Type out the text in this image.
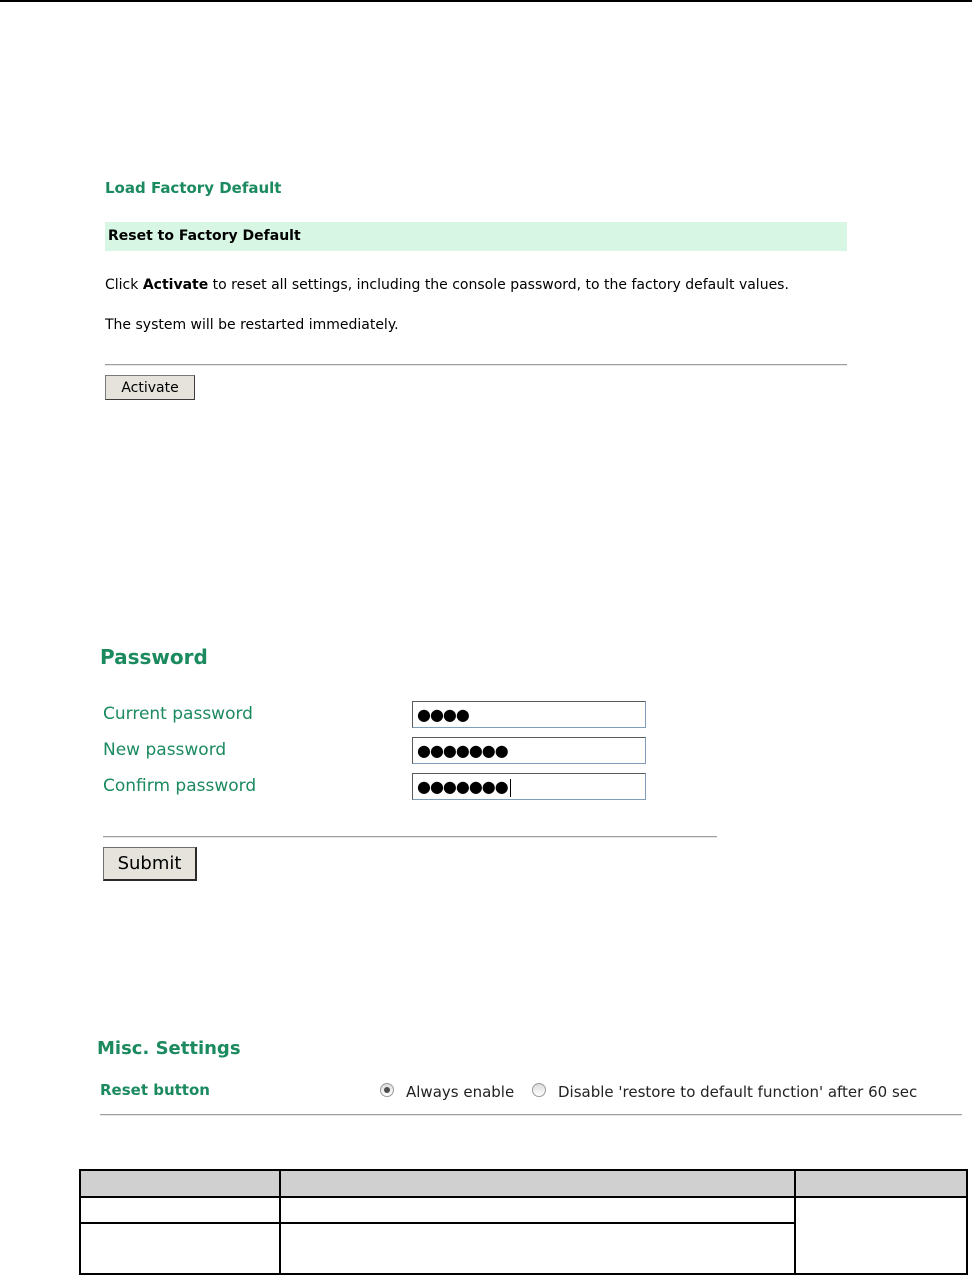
Load Factory Default
Reset to Factory Default
Click Activate to reset all settings, including the console password, to the factory default values.
The system will be restarted immediately.
Activate
Password
Current password	●●●●
New password	●●●●●●●
Confirm password	●●●●●●●
Submit
Misc. Settings
Reset button	Always enable	Disable 'restore to default function' after 60 sec
